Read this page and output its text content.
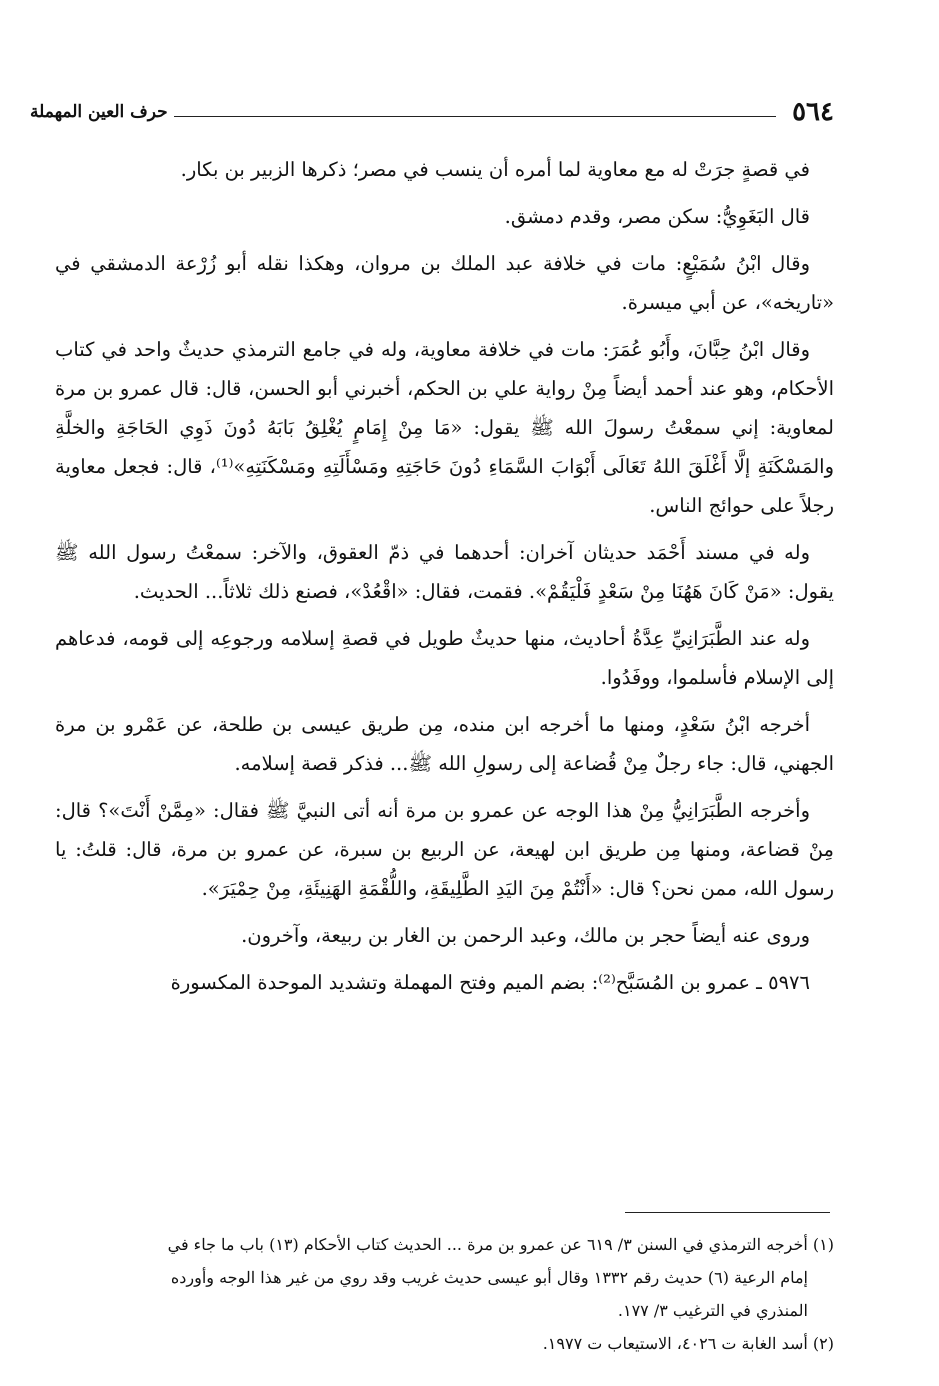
٥٦٤
حرف العين المهملة

في قصةٍ جرَتْ له مع معاوية لما أمره أن ينسب في مصر؛ ذكرها الزبير بن بكار.

قال البَغَوِيُّ: سكن مصر، وقدم دمشق.

وقال ابْنُ سُمَيْعٍ: مات في خلافة عبد الملك بن مروان، وهكذا نقله أبو زُرْعة الدمشقي في «تاريخه»، عن أبي ميسرة.

وقال ابْنُ حِبَّانَ، وأَبُو عُمَرَ: مات في خلافة معاوية، وله في جامع الترمذي حديثٌ واحد في كتاب الأحكام، وهو عند أحمد أيضاً مِنْ رواية علي بن الحكم، أخبرني أبو الحسن، قال: قال عمرو بن مرة لمعاوية: إني سمعْتُ رسولَ الله ﷺ يقول: «مَا مِنْ إِمَامٍ يُغْلِقُ بَابَهُ دُونَ ذَوِي الحَاجَةِ والخلَّةِ والمَسْكَنَةِ إلَّا أَغْلَقَ اللهُ تَعَالَى أَبْوَابَ السَّمَاءِ دُونَ حَاجَتِهِ ومَسْأَلَتِهِ ومَسْكَنَتِهِ»⁽¹⁾، قال: فجعل معاوية رجلاً على حوائج الناس.

وله في مسند أَحْمَد حديثان آخران: أحدهما في ذمّ العقوق، والآخر: سمعْتُ رسول الله ﷺ يقول: «مَنْ كَانَ هَهُنَا مِنْ سَعْدٍ فَلْيَقُمْ». فقمت، فقال: «اقْعُدْ»، فصنع ذلك ثلاثاً... الحديث.

وله عند الطَّبَرَانِيِّ عِدَّةُ أحاديث، منها حديثٌ طويل في قصةِ إسلامه ورجوعِه إلى قومه، فدعاهم إلى الإسلام فأسلموا، ووفَدُوا.

أخرجه ابْنُ سَعْدٍ، ومنها ما أخرجه ابن منده، مِن طريق عيسى بن طلحة، عن عَمْرو بن مرة الجهني، قال: جاء رجلٌ مِنْ قُضاعة إلى رسولِ الله ﷺ... فذكر قصة إسلامه.

وأخرجه الطَّبَرَانِيُّ مِنْ هذا الوجه عن عمرو بن مرة أنه أتى النبيَّ ﷺ فقال: «مِمَّنْ أَنْتَ»؟ قال: مِنْ قضاعة، ومنها مِن طريق ابن لهيعة، عن الربيع بن سبرة، عن عمرو بن مرة، قال: قلتُ: يا رسول الله، ممن نحن؟ قال: «أَنْتُمْ مِنَ اليَدِ الطَّلِيقَةِ، واللُّقْمَةِ الهَنِيئَةِ، مِنْ حِمْيَرَ».

وروى عنه أيضاً حجر بن مالك، وعبد الرحمن بن الغار بن ربيعة، وآخرون.

٥٩٧٦ ـ عمرو بن المُسَبَّح⁽²⁾: بضم الميم وفتح المهملة وتشديد الموحدة المكسورة

(١) أخرجه الترمذي في السنن ٣/ ٦١٩ عن عمرو بن مرة ... الحديث كتاب الأحكام (١٣) باب ما جاء في

إمام الرعية (٦) حديث رقم ١٣٣٢ وقال أبو عيسى حديث غريب وقد روي من غير هذا الوجه وأورده

المنذري في الترغيب ٣/ ١٧٧.

(٢) أسد الغابة ت ٤٠٢٦، الاستيعاب ت ١٩٧٧.
